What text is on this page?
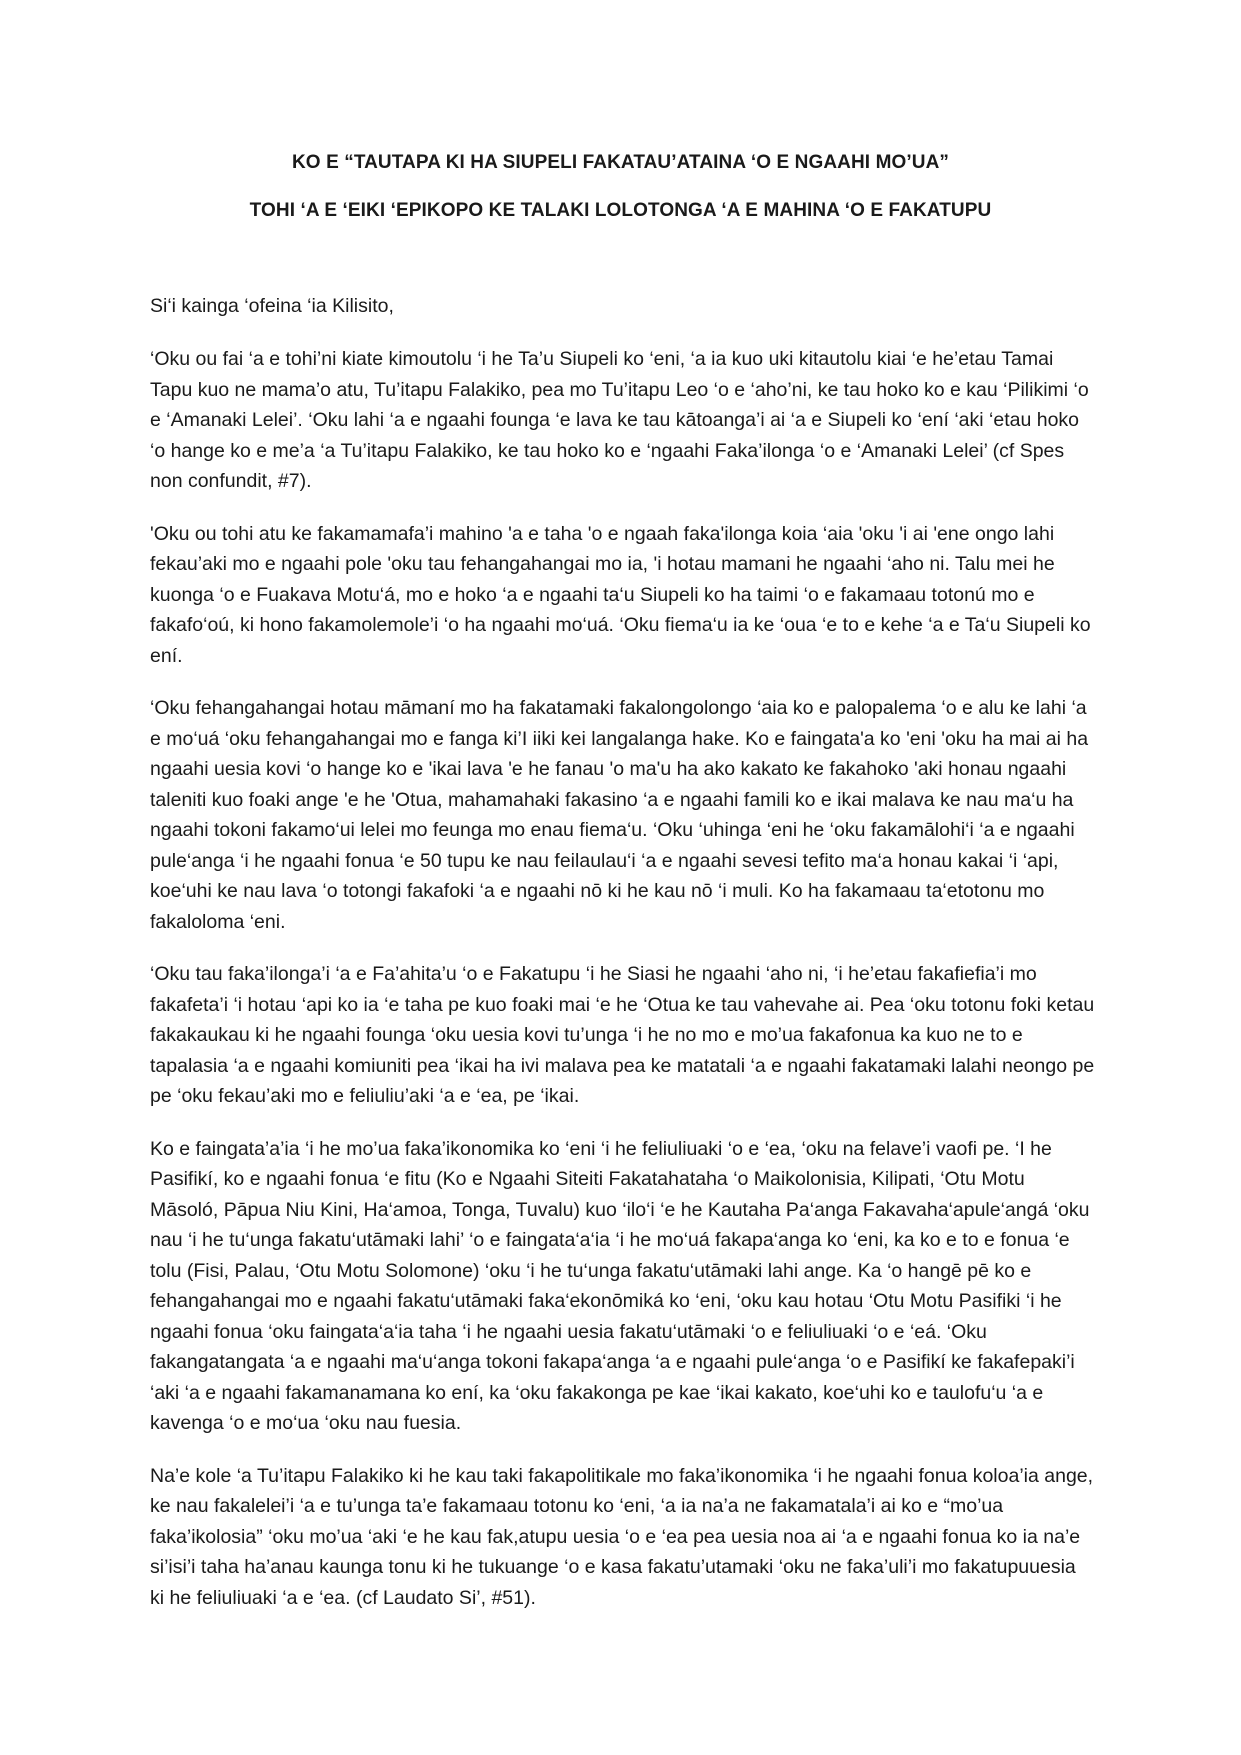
KO E “TAUTAPA KI HA SIUPELI FAKATAU’ATAINA ‘O E NGAAHI MO’UA”

TOHI ‘A E ‘EIKI ‘EPIKOPO KE TALAKI LOLOTONGA ‘A E MAHINA ‘O E FAKATUPU

Si‘i kainga ‘ofeina ‘ia Kilisito,

‘Oku ou fai ‘a e tohi’ni kiate kimoutolu ‘i he Ta’u Siupeli ko ‘eni, ‘a ia kuo uki kitautolu kiai ‘e he’etau Tamai Tapu kuo ne mama’o atu, Tu’itapu Falakiko, pea mo Tu’itapu Leo ‘o e ‘aho’ni, ke tau hoko ko e kau ‘Pilikimi ‘o e ‘Amanaki Lelei’. ‘Oku lahi ‘a e ngaahi founga ‘e lava ke tau kātoanga’i ai ‘a e Siupeli ko ‘ení ‘aki ‘etau hoko ‘o hange ko e me’a ‘a Tu’itapu Falakiko, ke tau hoko ko e ‘ngaahi Faka’ilonga ‘o e ‘Amanaki Lelei’ (cf Spes non confundit, #7).

'Oku ou tohi atu ke fakamamafa’i mahino 'a e taha 'o e ngaah faka'ilonga koia ‘aia 'oku 'i ai 'ene ongo lahi fekau’aki mo e ngaahi pole 'oku tau fehangahangai mo ia, 'i hotau mamani he ngaahi ‘aho ni. Talu mei he kuonga ‘o e Fuakava Motu‘á, mo e hoko ‘a e ngaahi ta‘u Siupeli ko ha taimi ‘o e fakamaau totonú mo e fakafo‘oú, ki hono fakamolemole’i ‘o ha ngaahi mo‘uá. ‘Oku fiema‘u ia ke ‘oua ‘e to e kehe ‘a e Ta‘u Siupeli ko ení.

‘Oku fehangahangai hotau māmaní mo ha fakatamaki fakalongolongo ‘aia ko e palopalema ‘o e alu ke lahi ‘a e mo‘uá ‘oku fehangahangai mo e fanga ki’I iiki kei langalanga hake. Ko e faingata'a ko 'eni 'oku ha mai ai ha ngaahi uesia kovi ‘o hange ko e 'ikai lava 'e he fanau 'o ma'u ha ako kakato ke fakahoko 'aki honau ngaahi taleniti kuo foaki ange 'e he 'Otua, mahamahaki fakasino ‘a e ngaahi famili ko e ikai malava ke nau ma‘u ha ngaahi tokoni fakamo‘ui lelei mo feunga mo enau fiema‘u. ‘Oku ‘uhinga ‘eni he ‘oku fakamālohi‘i ‘a e ngaahi pule‘anga ‘i he ngaahi fonua ‘e 50 tupu ke nau feilaulau‘i ‘a e ngaahi sevesi tefito ma‘a honau kakai ‘i ‘api, koe‘uhi ke nau lava ‘o totongi fakafoki ‘a e ngaahi nō ki he kau nō ‘i muli. Ko ha fakamaau ta‘etotonu mo fakaloloma ‘eni.

‘Oku tau faka’ilonga’i ‘a e Fa’ahita’u ‘o e Fakatupu ‘i he Siasi he ngaahi ‘aho ni, ‘i he’etau fakafiefia’i mo fakafeta’i ‘i hotau ‘api ko ia ‘e taha pe kuo foaki mai ‘e he ‘Otua ke tau vahevahe ai. Pea ‘oku totonu foki ketau fakakaukau ki he ngaahi founga ‘oku uesia kovi tu’unga ‘i he no mo e mo’ua fakafonua ka kuo ne to e tapalasia ‘a e ngaahi komiuniti pea ‘ikai ha ivi malava pea ke matatali ‘a e ngaahi fakatamaki lalahi neongo pe pe ‘oku fekau’aki mo e feliuliu’aki ‘a e ‘ea, pe ‘ikai.

Ko e faingata’a’ia ‘i he mo’ua faka’ikonomika ko ‘eni ‘i he feliuliuaki ‘o e ‘ea, ‘oku na felave’i vaofi pe. ‘I he Pasifikí, ko e ngaahi fonua ‘e fitu (Ko e Ngaahi Siteiti Fakatahataha ‘o Maikolonisia, Kilipati, ‘Otu Motu Māsoló, Pāpua Niu Kini, Ha‘amoa, Tonga, Tuvalu) kuo ‘ilo‘i ‘e he Kautaha Pa‘anga Fakavaha‘apule‘angá ‘oku nau ‘i he tu‘unga fakatu‘utāmaki lahi’ ‘o e faingata‘a‘ia ‘i he mo‘uá fakapa‘anga ko ‘eni, ka ko e to e fonua ‘e tolu (Fisi, Palau, ‘Otu Motu Solomone) ‘oku ‘i he tu‘unga fakatu‘utāmaki lahi ange. Ka ‘o hangē pē ko e fehangahangai mo e ngaahi fakatu‘utāmaki faka‘ekonōmiká ko ‘eni, ‘oku kau hotau ‘Otu Motu Pasifiki ‘i he ngaahi fonua ‘oku faingata‘a‘ia taha ‘i he ngaahi uesia fakatu‘utāmaki ‘o e feliuliuaki ‘o e ‘eá. ‘Oku fakangatangata ‘a e ngaahi ma‘u‘anga tokoni fakapa‘anga ‘a e ngaahi pule‘anga ‘o e Pasifikí ke fakafepaki’i ‘aki ‘a e ngaahi fakamanamana ko ení, ka ‘oku fakakonga pe kae ‘ikai kakato, koe‘uhi ko e taulofu‘u ‘a e kavenga ‘o e mo‘ua ‘oku nau fuesia.

Na’e kole ‘a Tu’itapu Falakiko ki he kau taki fakapolitikale mo faka’ikonomika ‘i he ngaahi fonua koloa’ia ange, ke nau fakalelei’i ‘a e tu’unga ta’e fakamaau totonu ko ‘eni, ‘a ia na’a ne fakamatala’i ai ko e “mo’ua faka’ikolosia” ‘oku mo’ua ‘aki ‘e he kau fak,atupu uesia ‘o e ‘ea pea uesia noa ai ‘a e ngaahi fonua ko ia na’e si’isi’i taha ha’anau kaunga tonu ki he tukuange ‘o e kasa fakatu’utamaki ‘oku ne faka’uli’i mo fakatupuuesia ki he feliuliuaki ‘a e ‘ea. (cf Laudato Si’, #51).
